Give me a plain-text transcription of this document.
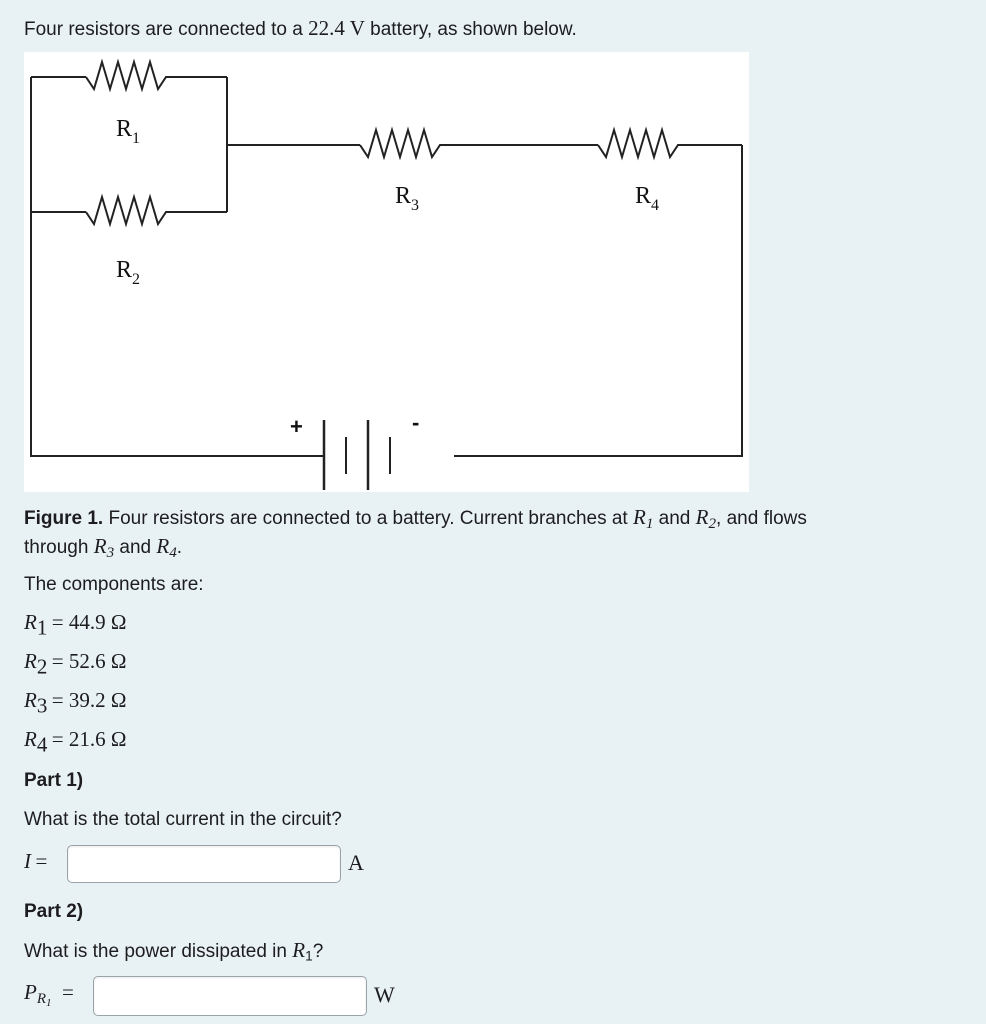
Four resistors are connected to a 22.4 V battery, as shown below.
+	-
$R_1$
$R_2$
$R_3$	$R_4$
Figure 1. Four resistors are connected to a battery. Current branches at $R_1$ and $R_2$, and flows
through $R_3$ and $R_4$.
The components are:
$R_1 = 44.9$ Ω
$R_2 = 52.6$ Ω
$R_3 = 39.2$ Ω
$R_4 = 21.6$ Ω
Part 1)
What is the total current in the circuit?
I =	A
Part 2)
What is the power dissipated in $R_1$?
$P_{R_1}$ =	W
